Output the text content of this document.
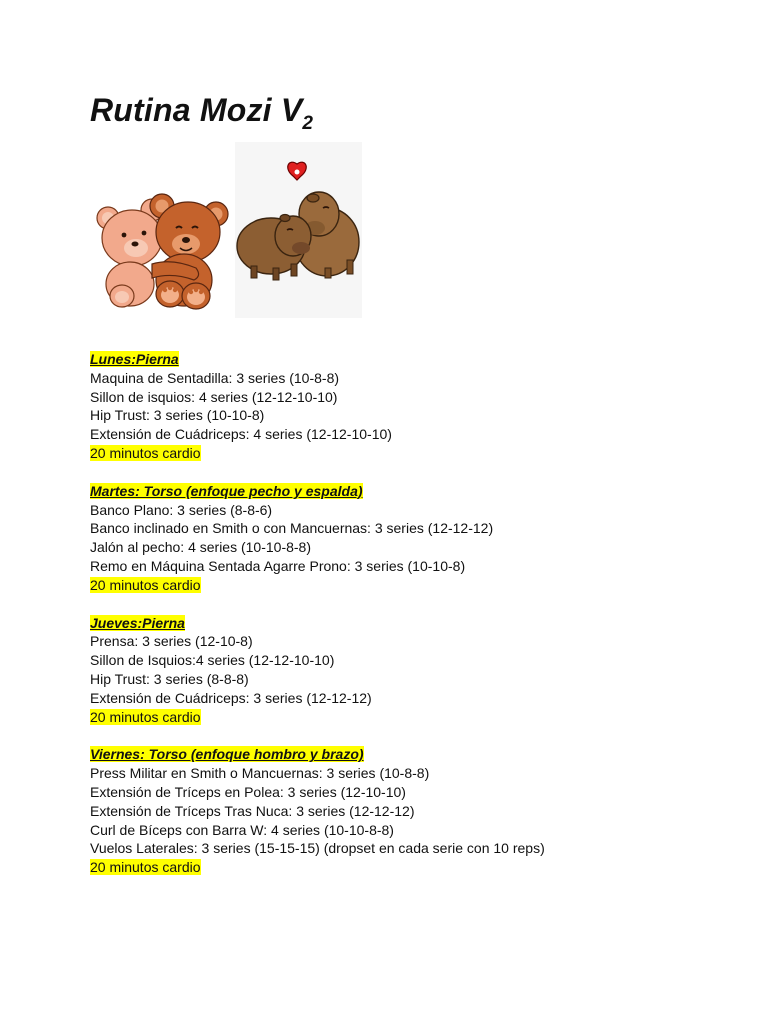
Rutina Mozi $V_2$
Lunes:Pierna
Maquina de Sentadilla: 3 series (10-8-8)
Sillon de isquios: 4 series (12-12-10-10)
Hip Trust: 3 series (10-10-8)
Extensión de Cuádriceps: 4 series (12-12-10-10)
20 minutos cardio
Martes: Torso (enfoque pecho y espalda)
Banco Plano: 3 series (8-8-6)
Banco inclinado en Smith o con Mancuernas: 3 series (12-12-12)
Jalón al pecho: 4 series (10-10-8-8)
Remo en Máquina Sentada Agarre Prono: 3 series (10-10-8)
20 minutos cardio
Jueves:Pierna
Prensa: 3 series (12-10-8)
Sillon de Isquios:4 series (12-12-10-10)
Hip Trust: 3 series (8-8-8)
Extensión de Cuádriceps: 3 series (12-12-12)
20 minutos cardio
Viernes: Torso (enfoque hombro y brazo)
Press Militar en Smith o Mancuernas: 3 series (10-8-8)
Extensión de Tríceps en Polea: 3 series (12-10-10)
Extensión de Tríceps Tras Nuca: 3 series (12-12-12)
Curl de Bíceps con Barra W: 4 series (10-10-8-8)
Vuelos Laterales: 3 series (15-15-15) (dropset en cada serie con 10 reps)
20 minutos cardio
